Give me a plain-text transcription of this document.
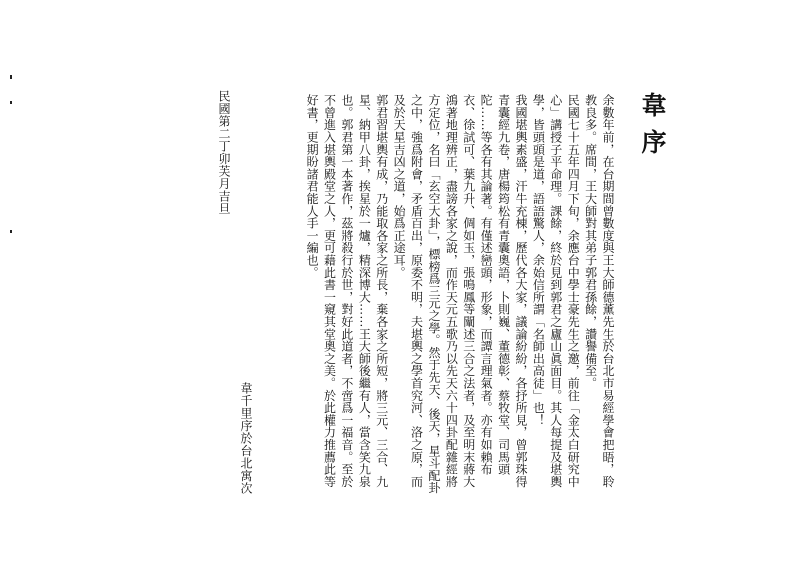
韋序

余數年前，在台期間曾數度與王大師德薰先生於台北市易經學會把晤，聆教良多。席間，王大師對其弟子郭君孫餘，讚譽備至。

民國七十五年四月下旬，余應台中學士豪先生之邀，前往「金太白研究中心」講授子平命理。課餘，終於見到郭君之廬山眞面目。其人每提及堪輿學，皆頭頭是道，語語驚人，余始信所謂「名師出高徒」也！

我國堪輿素盛，汗牛充棟，歷代各大家，議論紛紛，各抒所見，曾郭珠得青囊經九卷，唐楊筠松有青囊奧語，卜則巍、董德彰、蔡牧堂、司馬頭陀……等各有其論著。有僅述巒頭，形象，而譚言理氣者。亦有如賴布衣、徐試可、葉九升、倜如玉，張鳴鳳等闡述三合之法者，及至明末蔣大鴻著地理辨正，盡謗各家之說，而作天元五歌乃以先天六十四卦配雜經將方定位，名曰「玄空大卦」，標榜爲三元之學。然于先天、後天，星斗配卦之中，強爲附會，矛盾百出，原委不明，夫堪輿之學首究河、洛之原，而及於天星吉凶之道，始爲正途耳。

郭君習堪輿有成，乃能取各家之所長，棄各家之所短，將三元、三合、九星、納甲八卦，挨星於一爐，精深博大……王大師後繼有人，當含笑九泉也。郭君第一本著作，茲將殺行於世，對好此道者，不啻爲一福音。至於不曾進入堪輿殿堂之人，更可藉此書一窺其堂奧之美。於此權力推薦此等好書，更期盼諸君能人手一編也。

韋千里序於台北寓次
民國第二丁卯芙月吉旦
